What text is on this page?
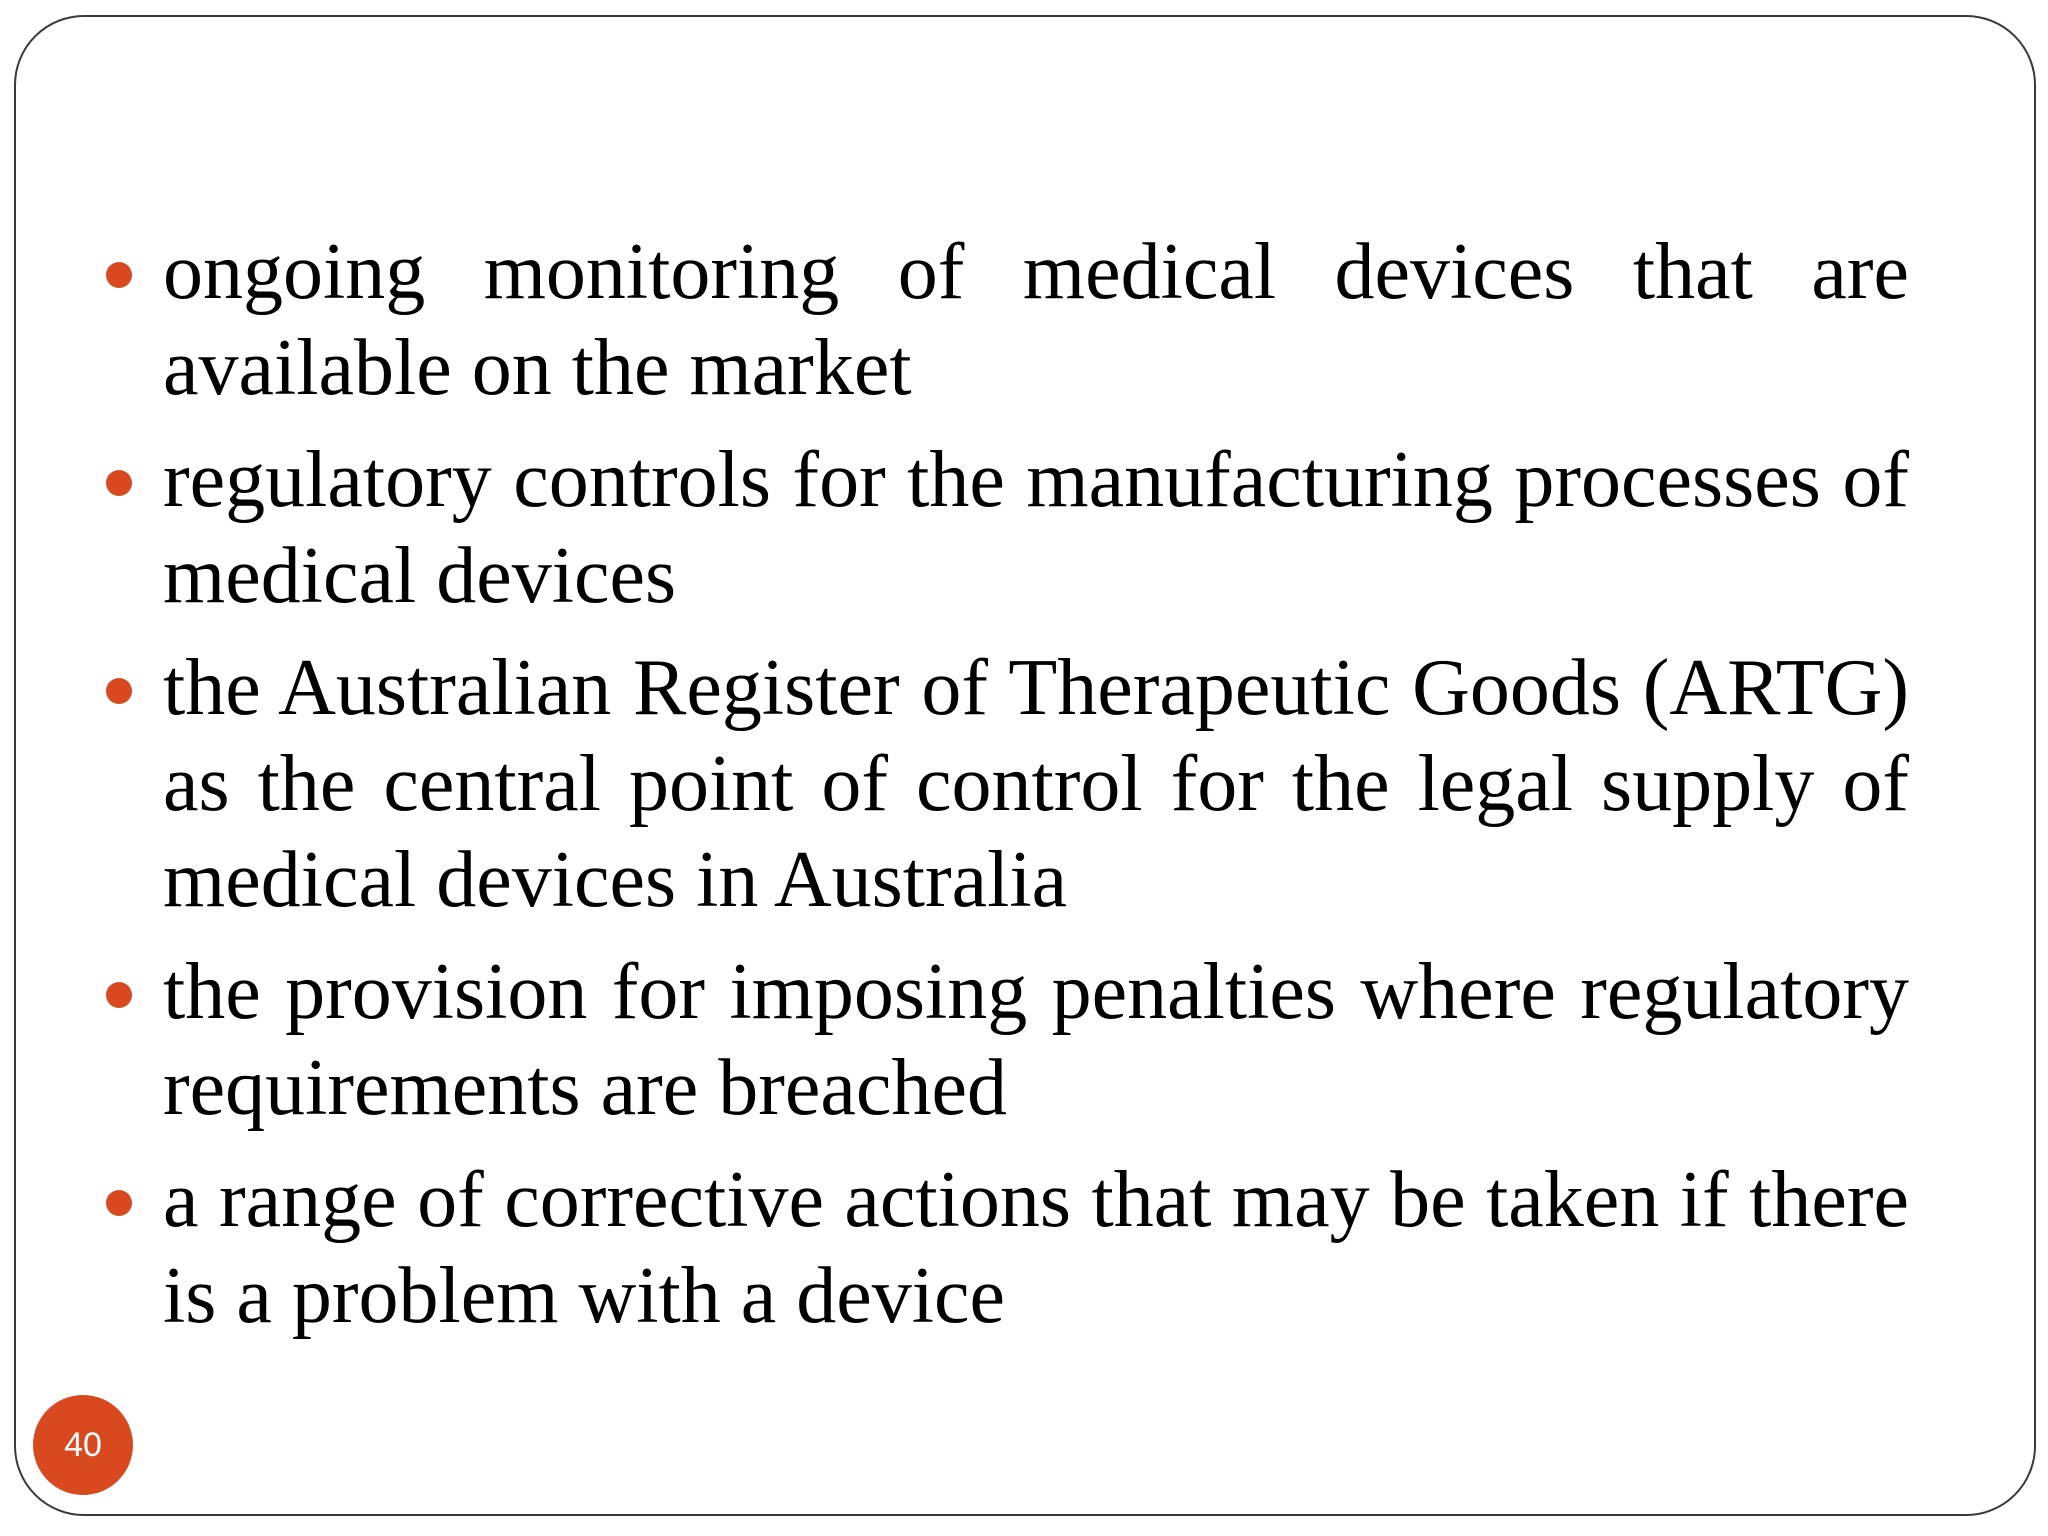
ongoing monitoring of medical devices that are available on the market
regulatory controls for the manufacturing processes of medical devices
the Australian Register of Therapeutic Goods (ARTG) as the central point of control for the legal supply of medical devices in Australia
the provision for imposing penalties where regulatory requirements are breached
a range of corrective actions that may be taken if there is a problem with a device
40
